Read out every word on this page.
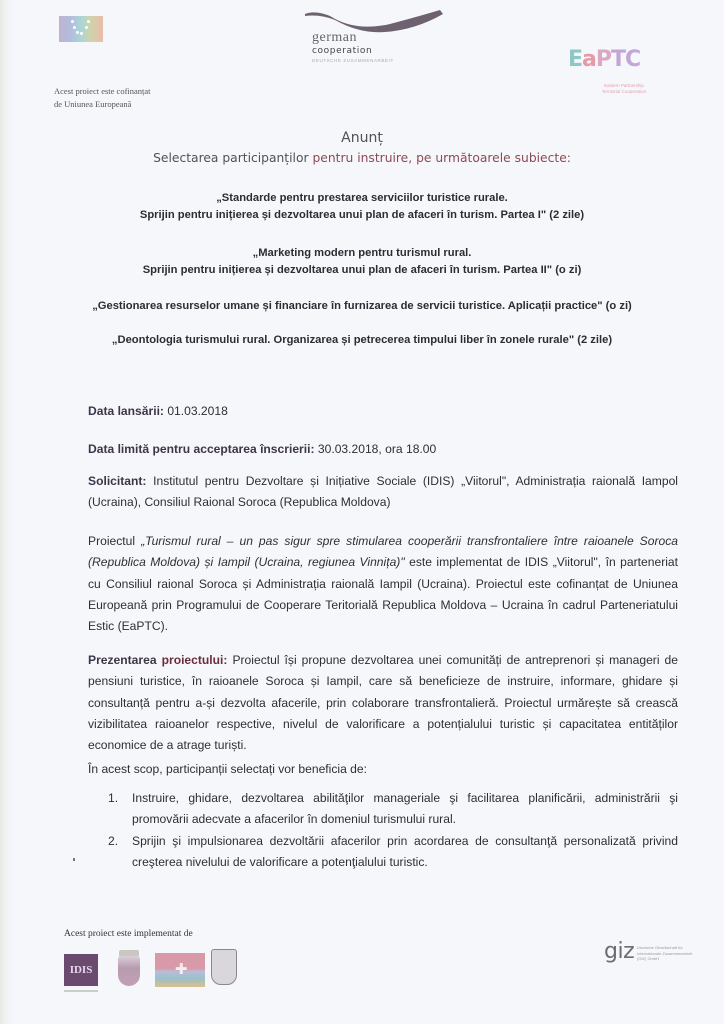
Acest proiect este cofinanțat
de Uniunea Europeană
german
cooperation
DEUTSCHE ZUSAMMENARBEIT	EaPTC
Eastern Partnership
Territorial Cooperation
Anunț
Selectarea participanților pentru instruire, pe următoarele subiecte:
„Standarde pentru prestarea serviciilor turistice rurale.
Sprijin pentru inițierea și dezvoltarea unui plan de afaceri în turism. Partea I" (2 zile)
„Marketing modern pentru turismul rural.
Sprijin pentru inițierea și dezvoltarea unui plan de afaceri în turism. Partea II" (o zi)
„Gestionarea resurselor umane și financiare în furnizarea de servicii turistice. Aplicații practice" (o zi)
„Deontologia turismului rural. Organizarea și petrecerea timpului liber în zonele rurale" (2 zile)
Data lansării: 01.03.2018
Data limită pentru acceptarea înscrierii: 30.03.2018, ora 18.00
Solicitant: Institutul pentru Dezvoltare și Inițiative Sociale (IDIS) „Viitorul", Administrația raională Iampol (Ucraina), Consiliul Raional Soroca (Republica Moldova)
Proiectul „Turismul rural – un pas sigur spre stimularea cooperării transfrontaliere între raioanele Soroca (Republica Moldova) și Iampil (Ucraina, regiunea Vinnița)" este implementat de IDIS „Viitorul", în parteneriat cu Consiliul raional Soroca și Administrația raională Iampil (Ucraina). Proiectul este cofinanțat de Uniunea Europeană prin Programului de Cooperare Teritorială Republica Moldova – Ucraina în cadrul Parteneriatului Estic (EaPTC).
Prezentarea proiectului: Proiectul își propune dezvoltarea unei comunități de antreprenori și manageri de pensiuni turistice, în raioanele Soroca și Iampil, care să beneficieze de instruire, informare, ghidare și consultanță pentru a-și dezvolta afacerile, prin colaborare transfrontalieră. Proiectul urmărește să crească vizibilitatea raioanelor respective, nivelul de valorificare a potențialului turistic și capacitatea entităților economice de a atrage turiști.
În acest scop, participanții selectați vor beneficia de:
1. Instruire, ghidare, dezvoltarea abilităţilor manageriale şi facilitarea planificării, administrării şi promovării adecvate a afacerilor în domeniul turismului rural.
2. Sprijin şi impulsionarea dezvoltării afacerilor prin acordarea de consultanţă personalizată privind creşterea nivelului de valorificare a potenţialului turistic.
Acest proiect este implementat de
IDIS	✚
giz Deutsche Gesellschaft für Internationale Zusammenarbeit (GIZ) GmbH
